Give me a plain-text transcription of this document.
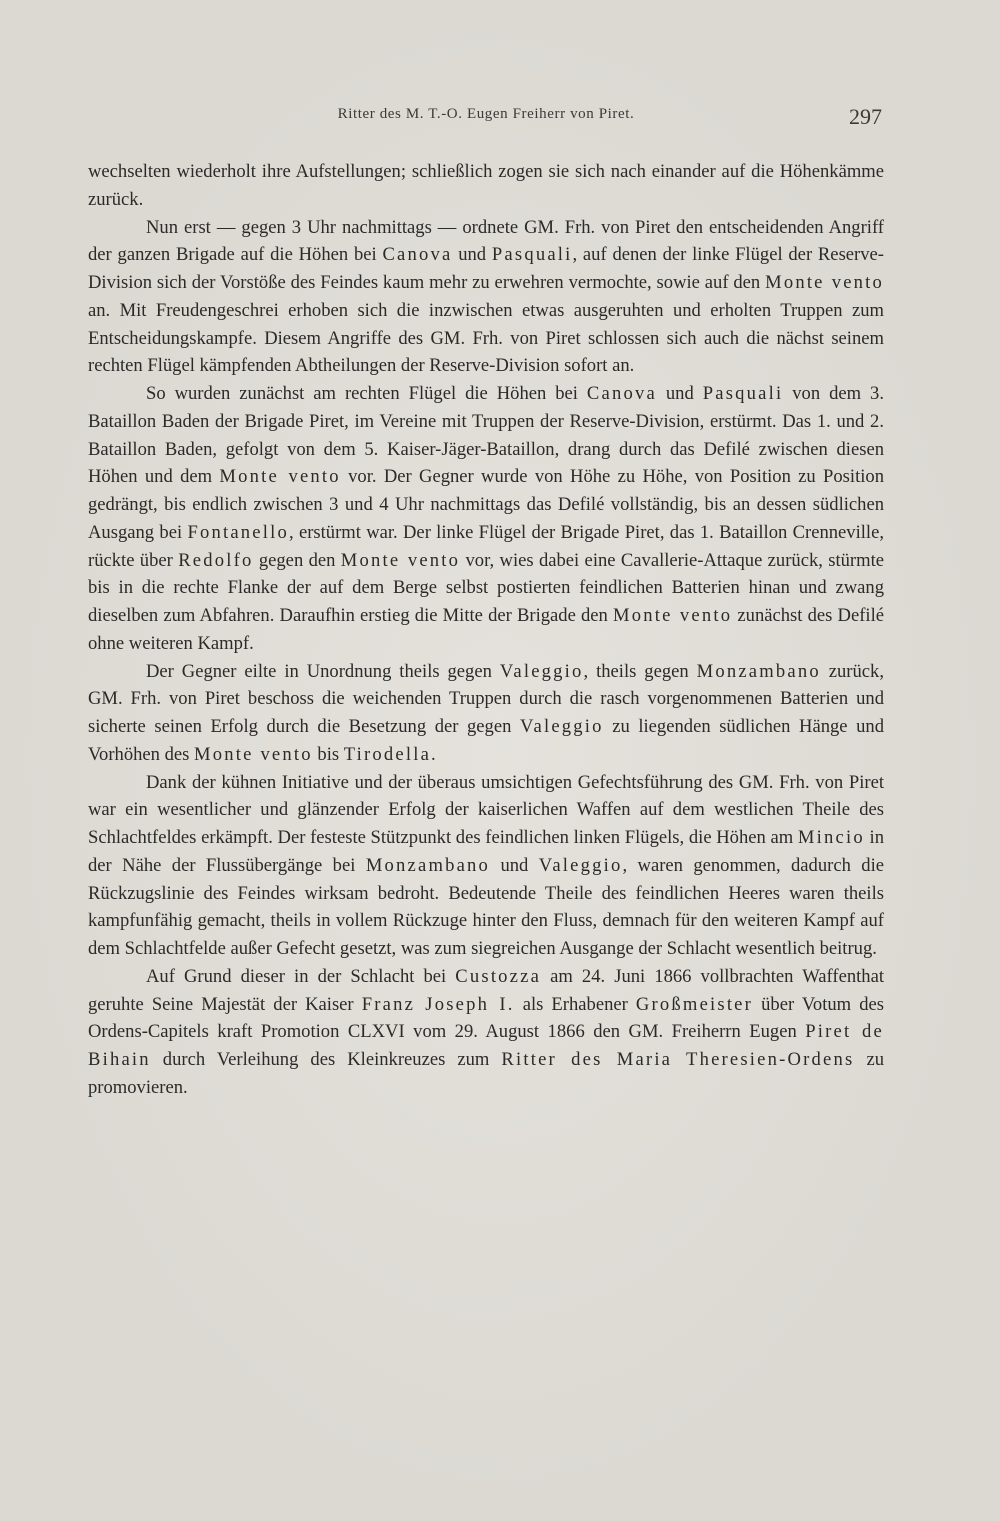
Ritter des M. T.-O. Eugen Freiherr von Piret.	297

wechselten wiederholt ihre Aufstellungen; schließlich zogen sie sich nach einander auf die Höhenkämme zurück.

Nun erst — gegen 3 Uhr nachmittags — ordnete GM. Frh. von Piret den entscheidenden Angriff der ganzen Brigade auf die Höhen bei Canova und Pasquali, auf denen der linke Flügel der Reserve-Division sich der Vorstöße des Feindes kaum mehr zu erwehren vermochte, sowie auf den Monte vento an. Mit Freudengeschrei erhoben sich die inzwischen etwas ausgeruhten und erholten Truppen zum Entscheidungskampfe. Diesem Angriffe des GM. Frh. von Piret schlossen sich auch die nächst seinem rechten Flügel kämpfenden Abtheilungen der Reserve-Division sofort an.

So wurden zunächst am rechten Flügel die Höhen bei Canova und Pasquali von dem 3. Bataillon Baden der Brigade Piret, im Vereine mit Truppen der Reserve-Division, erstürmt. Das 1. und 2. Bataillon Baden, gefolgt von dem 5. Kaiser-Jäger-Bataillon, drang durch das Defilé zwischen diesen Höhen und dem Monte vento vor. Der Gegner wurde von Höhe zu Höhe, von Position zu Position gedrängt, bis endlich zwischen 3 und 4 Uhr nachmittags das Defilé vollständig, bis an dessen südlichen Ausgang bei Fontanello, erstürmt war. Der linke Flügel der Brigade Piret, das 1. Bataillon Crenneville, rückte über Redolfo gegen den Monte vento vor, wies dabei eine Cavallerie-Attaque zurück, stürmte bis in die rechte Flanke der auf dem Berge selbst postierten feindlichen Batterien hinan und zwang dieselben zum Abfahren. Daraufhin erstieg die Mitte der Brigade den Monte vento zunächst des Defilé ohne weiteren Kampf.

Der Gegner eilte in Unordnung theils gegen Valeggio, theils gegen Monzambano zurück, GM. Frh. von Piret beschoss die weichenden Truppen durch die rasch vorgenommenen Batterien und sicherte seinen Erfolg durch die Besetzung der gegen Valeggio zu liegenden südlichen Hänge und Vorhöhen des Monte vento bis Tirodella.

Dank der kühnen Initiative und der überaus umsichtigen Gefechtsführung des GM. Frh. von Piret war ein wesentlicher und glänzender Erfolg der kaiserlichen Waffen auf dem westlichen Theile des Schlachtfeldes erkämpft. Der festeste Stützpunkt des feindlichen linken Flügels, die Höhen am Mincio in der Nähe der Flussübergänge bei Monzambano und Valeggio, waren genommen, dadurch die Rückzugslinie des Feindes wirksam bedroht. Bedeutende Theile des feindlichen Heeres waren theils kampfunfähig gemacht, theils in vollem Rückzuge hinter den Fluss, demnach für den weiteren Kampf auf dem Schlachtfelde außer Gefecht gesetzt, was zum siegreichen Ausgange der Schlacht wesentlich beitrug.

Auf Grund dieser in der Schlacht bei Custozza am 24. Juni 1866 vollbrachten Waffenthat geruhte Seine Majestät der Kaiser Franz Joseph I. als Erhabener Großmeister über Votum des Ordens-Capitels kraft Promotion CLXVI vom 29. August 1866 den GM. Freiherrn Eugen Piret de Bihain durch Verleihung des Kleinkreuzes zum Ritter des Maria Theresien-Ordens zu promovieren.
